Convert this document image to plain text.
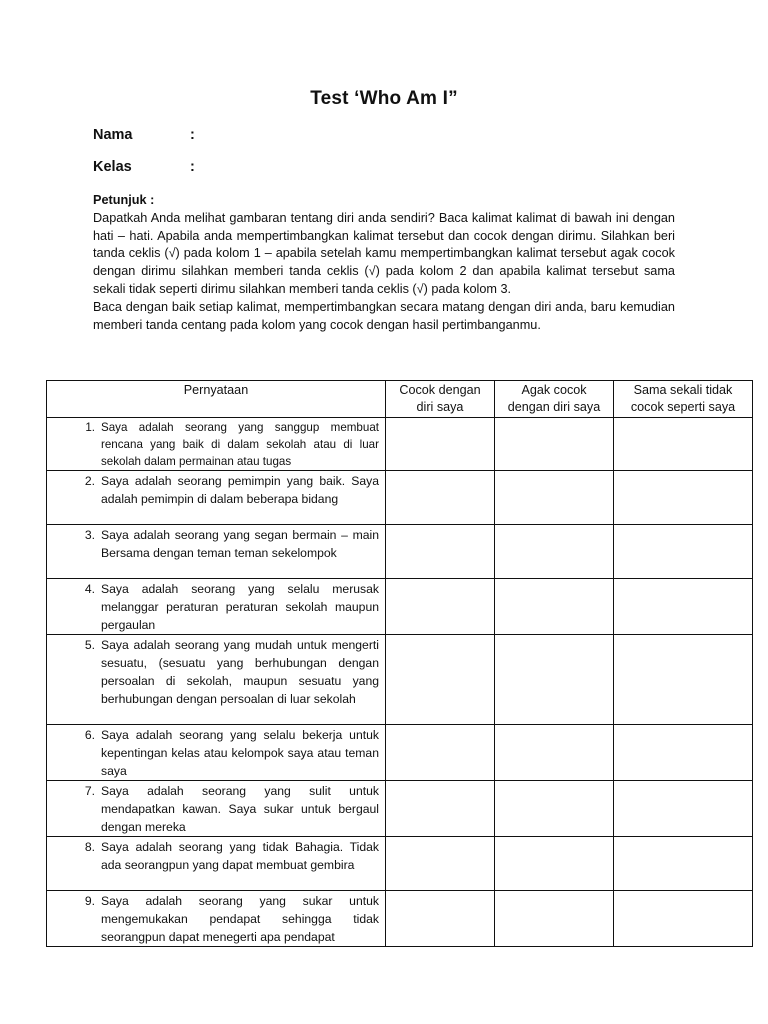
Test ‘Who Am I”
Nama	:
Kelas	:
Petunjuk :

Dapatkah Anda melihat gambaran tentang diri anda sendiri? Baca kalimat kalimat di bawah ini dengan hati – hati. Apabila anda mempertimbangkan kalimat tersebut dan cocok dengan dirimu. Silahkan beri tanda ceklis (√) pada kolom 1 – apabila setelah kamu mempertimbangkan kalimat tersebut agak cocok dengan dirimu silahkan memberi tanda ceklis (√) pada kolom 2 dan apabila kalimat tersebut sama sekali tidak seperti dirimu silahkan memberi tanda ceklis (√) pada kolom 3.

Baca dengan baik setiap kalimat, mempertimbangkan secara matang dengan diri anda, baru kemudian memberi tanda centang pada kolom yang cocok dengan hasil pertimbanganmu.

Pernyataan	Cocok dengan diri saya	Agak cocok dengan diri saya	Sama sekali tidak cocok seperti saya

1. Saya adalah seorang yang sanggup membuat rencana yang baik di dalam sekolah atau di luar sekolah dalam permainan atau tugas			

2. Saya adalah seorang pemimpin yang baik. Saya adalah pemimpin di dalam beberapa bidang			

3. Saya adalah seorang yang segan bermain – main Bersama dengan teman teman sekelompok			

4. Saya adalah seorang yang selalu merusak melanggar peraturan peraturan sekolah maupun pergaulan			

5. Saya adalah seorang yang mudah untuk mengerti sesuatu, (sesuatu yang berhubungan dengan persoalan di sekolah, maupun sesuatu yang berhubungan dengan persoalan di luar sekolah			

6. Saya adalah seorang yang selalu bekerja untuk kepentingan kelas atau kelompok saya atau teman saya			

7. Saya adalah seorang yang sulit untuk mendapatkan kawan. Saya sukar untuk bergaul dengan mereka			

8. Saya adalah seorang yang tidak Bahagia. Tidak ada seorangpun yang dapat membuat gembira			

9. Saya adalah seorang yang sukar untuk mengemukakan pendapat sehingga tidak seorangpun dapat menegerti apa pendapat			
